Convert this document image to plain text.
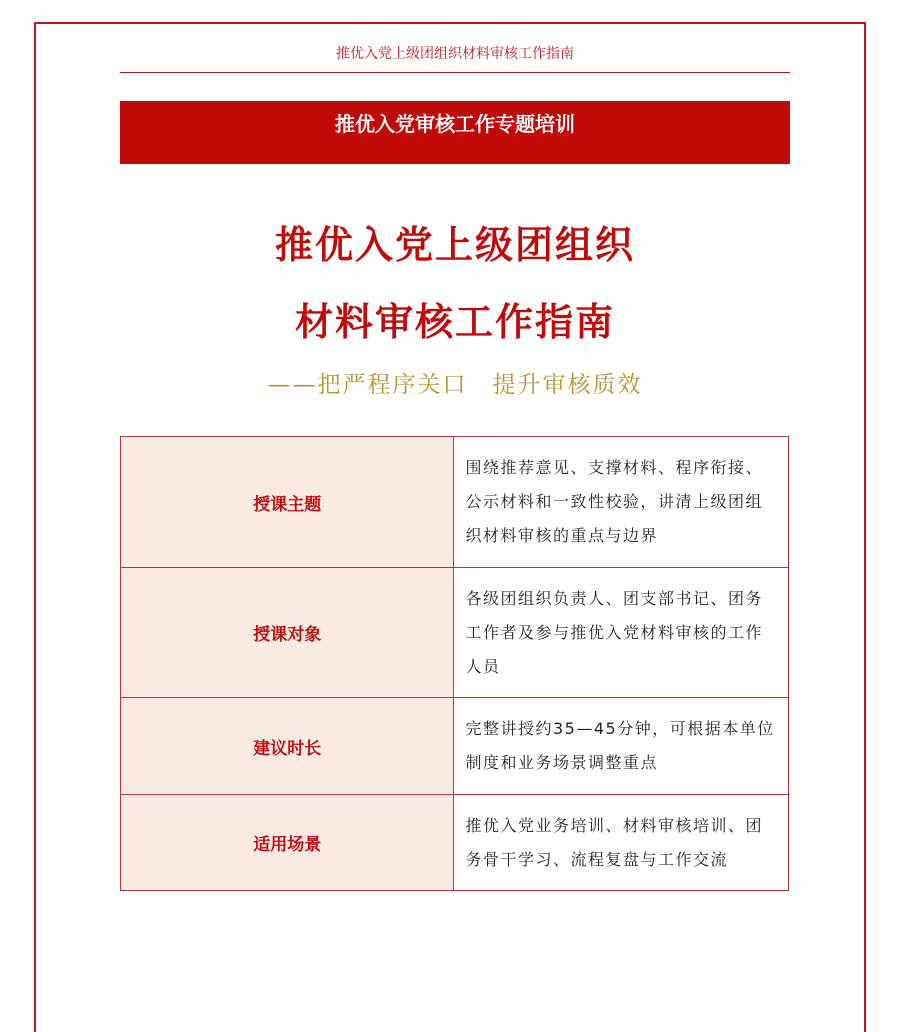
推优入党上级团组织材料审核工作指南
推优入党审核工作专题培训
推优入党上级团组织
材料审核工作指南
——把严程序关口　提升审核质效
授课主题	围绕推荐意见、支撑材料、程序衔接、公示材料和一致性校验，讲清上级团组织材料审核的重点与边界
授课对象	各级团组织负责人、团支部书记、团务工作者及参与推优入党材料审核的工作人员
建议时长	完整讲授约35—45分钟，可根据本单位制度和业务场景调整重点
适用场景	推优入党业务培训、材料审核培训、团务骨干学习、流程复盘与工作交流
